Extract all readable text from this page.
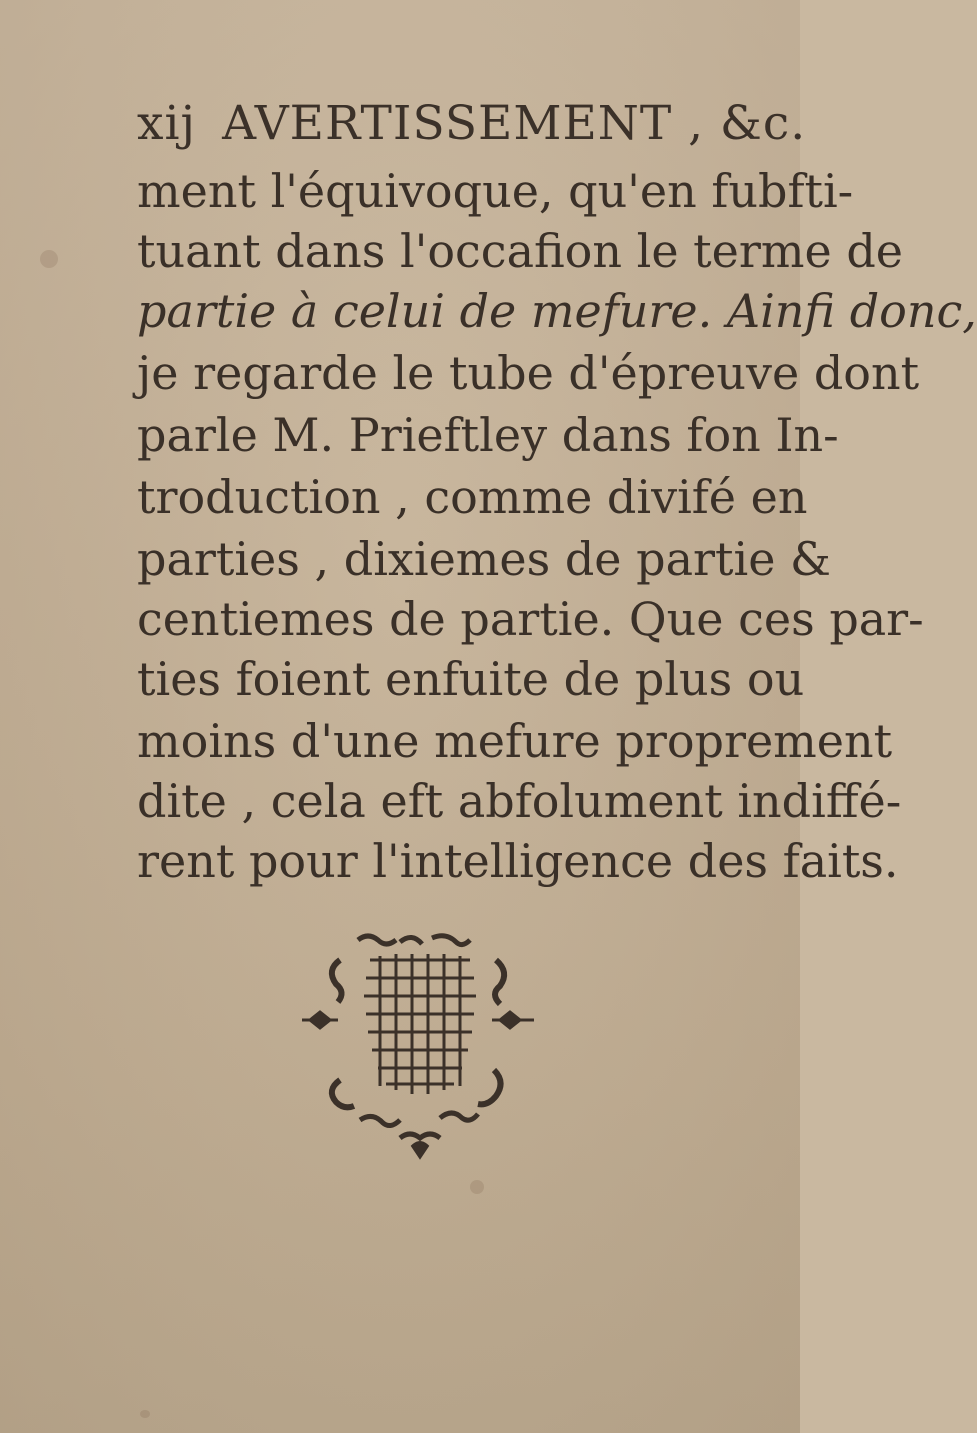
xij AVERTISSEMENT , &c.
ment l'équivoque, qu'en fubfti-
tuant dans l'occafion le terme de
partie à celui de mefure. Ainfi donc,
je regarde le tube d'épreuve dont
parle M. Prieftley dans fon In-
troduction , comme divifé en
parties , dixiemes de partie &
centiemes de partie. Que ces par-
ties foient enfuite de plus ou
moins d'une mefure proprement
dite , cela eft abfolument indiffé-
rent pour l'intelligence des faits.
